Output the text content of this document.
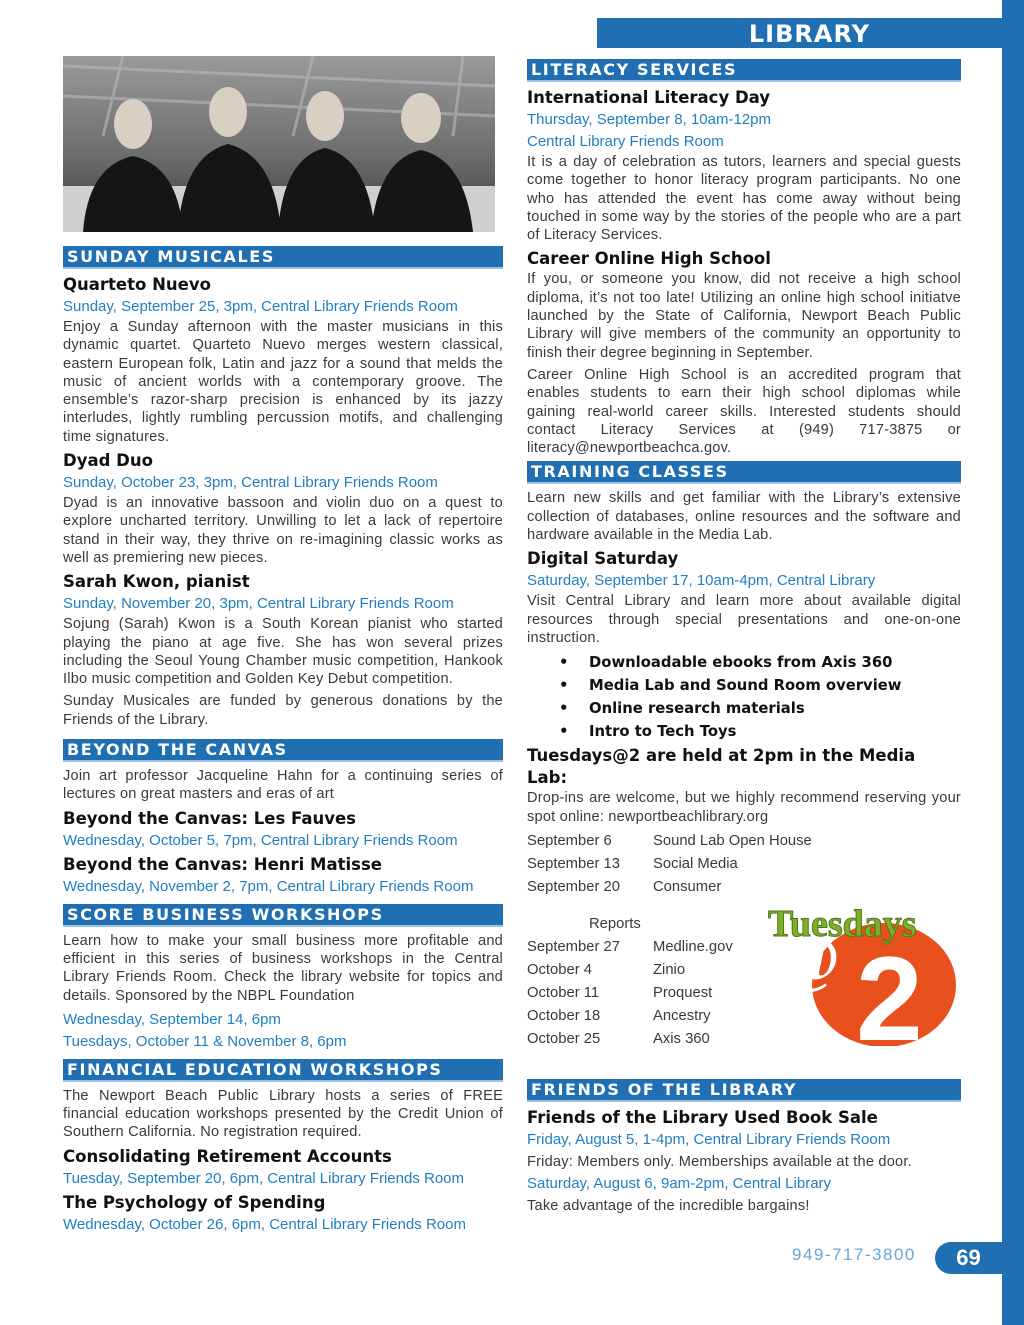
LIBRARY
SUNDAY MUSICALES
Quarteto Nuevo
Sunday, September 25, 3pm, Central Library Friends Room
Enjoy a Sunday afternoon with the master musicians in this dynamic quartet. Quarteto Nuevo merges western classical, eastern European folk, Latin and jazz for a sound that melds the music of ancient worlds with a contemporary groove. The ensemble’s razor-sharp precision is enhanced by its jazzy interludes, lightly rumbling percussion motifs, and challenging time signatures.
Dyad Duo
Sunday, October 23, 3pm, Central Library Friends Room
Dyad is an innovative bassoon and violin duo on a quest to explore uncharted territory. Unwilling to let a lack of repertoire stand in their way, they thrive on re-imagining classic works as well as premiering new pieces.
Sarah Kwon, pianist
Sunday, November 20, 3pm, Central Library Friends Room
Sojung (Sarah) Kwon is a South Korean pianist who started playing the piano at age five. She has won several prizes including the Seoul Young Chamber music competition, Hankook Ilbo music competition and Golden Key Debut competition.
Sunday Musicales are funded by generous donations by the Friends of the Library.
BEYOND THE CANVAS
Join art professor Jacqueline Hahn for a continuing series of lectures on great masters and eras of art
Beyond the Canvas: Les Fauves
Wednesday, October 5, 7pm, Central Library Friends Room
Beyond the Canvas: Henri Matisse
Wednesday, November 2, 7pm, Central Library Friends Room
SCORE BUSINESS WORKSHOPS
Learn how to make your small business more profitable and efficient in this series of business workshops in the Central Library Friends Room. Check the library website for topics and details. Sponsored by the NBPL Foundation
Wednesday, September 14, 6pm
Tuesdays, October 11 & November 8, 6pm
FINANCIAL EDUCATION WORKSHOPS
The Newport Beach Public Library hosts a series of FREE financial education workshops presented by the Credit Union of Southern California. No registration required.
Consolidating Retirement Accounts
Tuesday, September 20, 6pm, Central Library Friends Room
The Psychology of Spending
Wednesday, October 26, 6pm, Central Library Friends Room
LITERACY SERVICES
International Literacy Day
Thursday, September 8, 10am-12pm
Central Library Friends Room
It is a day of celebration as tutors, learners and special guests come together to honor literacy program participants. No one who has attended the event has come away without being touched in some way by the stories of the people who are a part of Literacy Services.
Career Online High School
If you, or someone you know, did not receive a high school diploma, it’s not too late! Utilizing an online high school initiatve launched by the State of California, Newport Beach Public Library will give members of the community an opportunity to finish their degree beginning in September.
Career Online High School is an accredited program that enables students to earn their high school diplomas while gaining real-world career skills. Interested students should contact Literacy Services at (949) 717-3875 or literacy@newportbeachca.gov.
TRAINING CLASSES
Learn new skills and get familiar with the Library’s extensive collection of databases, online resources and the software and hardware available in the Media Lab.
Digital Saturday
Saturday, September 17, 10am-4pm, Central Library
Visit Central Library and learn more about available digital resources through special presentations and one-on-one instruction.
• Downloadable ebooks from Axis 360
• Media Lab and Sound Room overview
• Online research materials
• Intro to Tech Toys
Tuesdays@2 are held at 2pm in the Media Lab:
Drop-ins are welcome, but we highly recommend reserving your spot online: newportbeachlibrary.org
September 6	Sound Lab Open House
September 13 Social Media
September 20 Consumer
Reports
September 27 Medline.gov
October 4	Zinio
October 11	Proquest
October 18	Ancestry
October 25	Axis 360
FRIENDS OF THE LIBRARY
Friends of the Library Used Book Sale
Friday, August 5, 1-4pm, Central Library Friends Room
Friday: Members only. Memberships available at the door.
Saturday, August 6, 9am-2pm, Central Library
Take advantage of the incredible bargains!
@ 2
Tuesdays
949-717-3800	69
